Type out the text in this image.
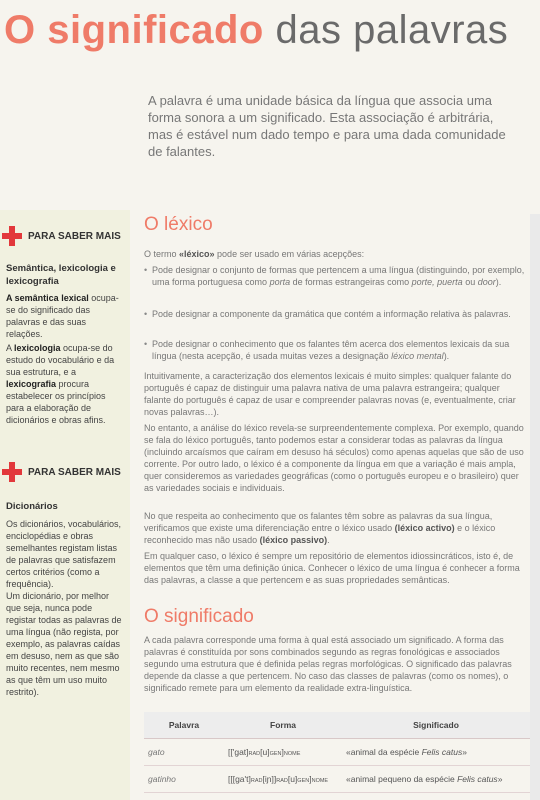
O significado das palavras
A palavra é uma unidade básica da língua que associa uma forma sonora a um significado. Esta associação é arbitrária, mas é estável num dado tempo e para uma dada comunidade de falantes.
PARA SABER MAIS
Semântica, lexicologia e lexicografia
A semântica lexical ocupa-se do significado das palavras e das suas relações.
A lexicologia ocupa-se do estudo do vocabulário e da sua estrutura, e a lexicografia procura estabelecer os princípios para a elaboração de dicionários e obras afins.
PARA SABER MAIS
Dicionários
Os dicionários, vocabulários, enciclopédias e obras semelhantes registam listas de palavras que satisfazem certos critérios (como a frequência).
Um dicionário, por melhor que seja, nunca pode registar todas as palavras de uma língua (não regista, por exemplo, as palavras caídas em desuso, nem as que são muito recentes, nem mesmo as que têm um uso muito restrito).
O léxico
O termo «léxico» pode ser usado em várias acepções:
• Pode designar o conjunto de formas que pertencem a uma língua (distinguindo, por exemplo, uma forma portuguesa como porta de formas estrangeiras como porte, puerta ou door).
• Pode designar a componente da gramática que contém a informação relativa às palavras.
• Pode designar o conhecimento que os falantes têm acerca dos elementos lexicais da sua língua (nesta acepção, é usada muitas vezes a designação léxico mental).
Intuitivamente, a caracterização dos elementos lexicais é muito simples: qualquer falante do português é capaz de distinguir uma palavra nativa de uma palavra estrangeira; qualquer falante do português é capaz de usar e compreender palavras novas (e, eventualmente, criar novas palavras…).
No entanto, a análise do léxico revela-se surpreendentemente complexa. Por exemplo, quando se fala do léxico português, tanto podemos estar a considerar todas as palavras da língua (incluindo arcaísmos que caíram em desuso há séculos) como apenas aquelas que são de uso corrente. Por outro lado, o léxico é a componente da língua em que a variação é mais ampla, quer consideremos as variedades geográficas (como o português europeu e o brasileiro) quer as variedades sociais e individuais.
No que respeita ao conhecimento que os falantes têm sobre as palavras da sua língua, verificamos que existe uma diferenciação entre o léxico usado (léxico activo) e o léxico reconhecido mas não usado (léxico passivo).
Em qualquer caso, o léxico é sempre um repositório de elementos idiossincráticos, isto é, de elementos que têm uma definição única. Conhecer o léxico de uma língua é conhecer a forma das palavras, a classe a que pertencem e as suas propriedades semânticas.
O significado
A cada palavra corresponde uma forma à qual está associado um significado. A forma das palavras é constituída por sons combinados segundo as regras fonológicas e associados segundo uma estrutura que é definida pelas regras morfológicas. O significado das palavras depende da classe a que pertencem. No caso das classes de palavras (como os nomes), o significado remete para um elemento da realidade extra-linguística.
Palavra	Forma	Significado
gato	[['gat]RAD[u]GEN]NOME	«animal da espécie Felis catus»
gatinho	[[[ga't]RAD[iɲ]]RAD[u]GEN]NOME	«animal pequeno da espécie Felis catus»
